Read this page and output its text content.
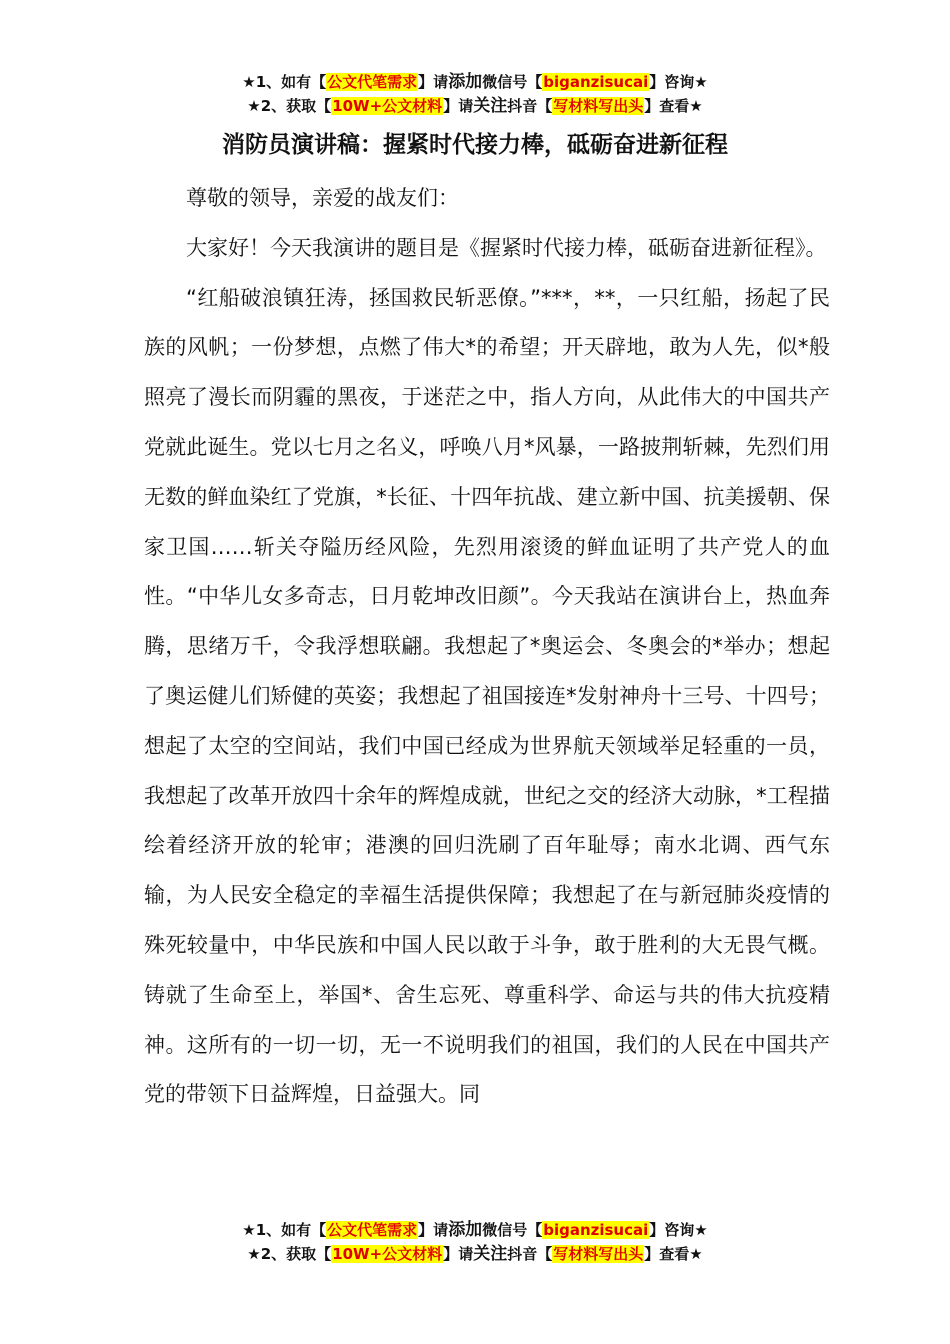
★1、如有【公文代笔需求】请添加微信号【biganzisucai】咨询★
★2、获取【10W+公文材料】请关注抖音【写材料写出头】查看★
消防员演讲稿：握紧时代接力棒，砥砺奋进新征程

尊敬的领导，亲爱的战友们：

大家好！今天我演讲的题目是《握紧时代接力棒，砥砺奋进新征程》。

“红船破浪镇狂涛，拯国救民斩恶僚。”***，**，一只红船，扬起了民族的风帆；一份梦想，点燃了伟大*的希望；开天辟地，敢为人先，似*般照亮了漫长而阴霾的黑夜，于迷茫之中，指人方向，从此伟大的中国共产党就此诞生。党以七月之名义，呼唤八月*风暴，一路披荆斩棘，先烈们用无数的鲜血染红了党旗，*长征、十四年抗战、建立新中国、抗美援朝、保家卫国……斩关夺隘历经风险，先烈用滚烫的鲜血证明了共产党人的血性。“中华儿女多奇志，日月乾坤改旧颜”。今天我站在演讲台上，热血奔腾，思绪万千，令我浮想联翩。我想起了*奥运会、冬奥会的*举办；想起了奥运健儿们矫健的英姿；我想起了祖国接连*发射神舟十三号、十四号；想起了太空的空间站，我们中国已经成为世界航天领域举足轻重的一员，我想起了改革开放四十余年的辉煌成就，世纪之交的经济大动脉，*工程描绘着经济开放的轮审；港澳的回归洗刷了百年耻辱；南水北调、西气东输，为人民安全稳定的幸福生活提供保障；我想起了在与新冠肺炎疫情的殊死较量中，中华民族和中国人民以敢于斗争，敢于胜利的大无畏气概。铸就了生命至上，举国*、舍生忘死、尊重科学、命运与共的伟大抗疫精神。这所有的一切一切，无一不说明我们的祖国，我们的人民在中国共产党的带领下日益辉煌，日益强大。同

★1、如有【公文代笔需求】请添加微信号【biganzisucai】咨询★
★2、获取【10W+公文材料】请关注抖音【写材料写出头】查看★
